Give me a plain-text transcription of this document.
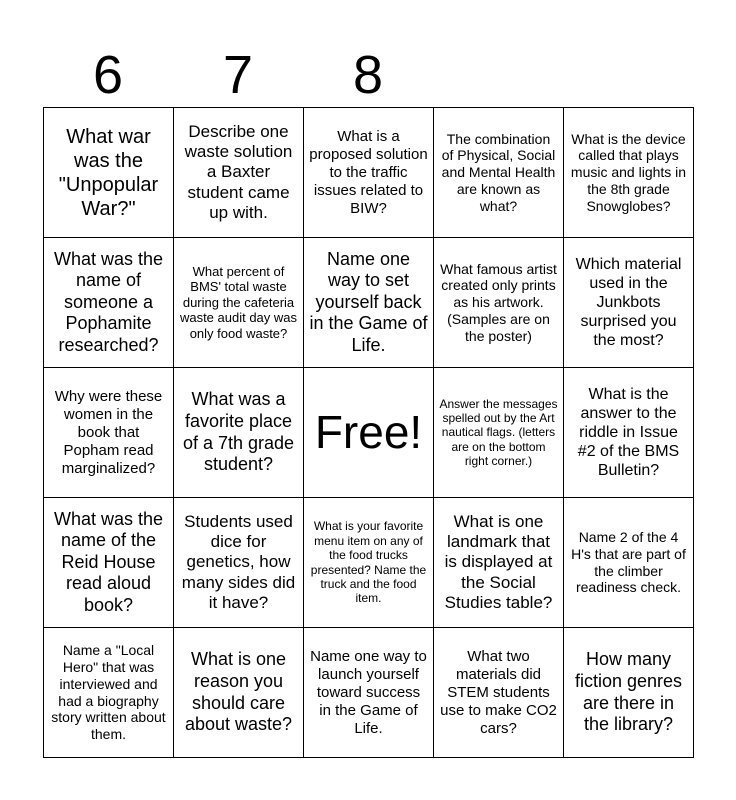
6	7	8
What war was the "Unpopular War?"	Describe one waste solution a Baxter student came up with.	What is a proposed solution to the traffic issues related to BIW?	The combination of Physical, Social and Mental Health are known as what?	What is the device called that plays music and lights in the 8th grade Snowglobes?
What was the name of someone a Pophamite researched?	What percent of BMS' total waste during the cafeteria waste audit day was only food waste?	Name one way to set yourself back in the Game of Life.	What famous artist created only prints as his artwork. (Samples are on the poster)	Which material used in the Junkbots surprised you the most?
Why were these women in the book that Popham read marginalized?	What was a favorite place of a 7th grade student?	Free!	Answer the messages spelled out by the Art nautical flags. (letters are on the bottom right corner.)	What is the answer to the riddle in Issue #2 of the BMS Bulletin?
What was the name of the Reid House read aloud book?	Students used dice for genetics, how many sides did it have?	What is your favorite menu item on any of the food trucks presented? Name the truck and the food item.	What is one landmark that is displayed at the Social Studies table?	Name 2 of the 4 H's that are part of the climber readiness check.
Name a "Local Hero" that was interviewed and had a biography story written about them.	What is one reason you should care about waste?	Name one way to launch yourself toward success in the Game of Life.	What two materials did STEM students use to make CO2 cars?	How many fiction genres are there in the library?
